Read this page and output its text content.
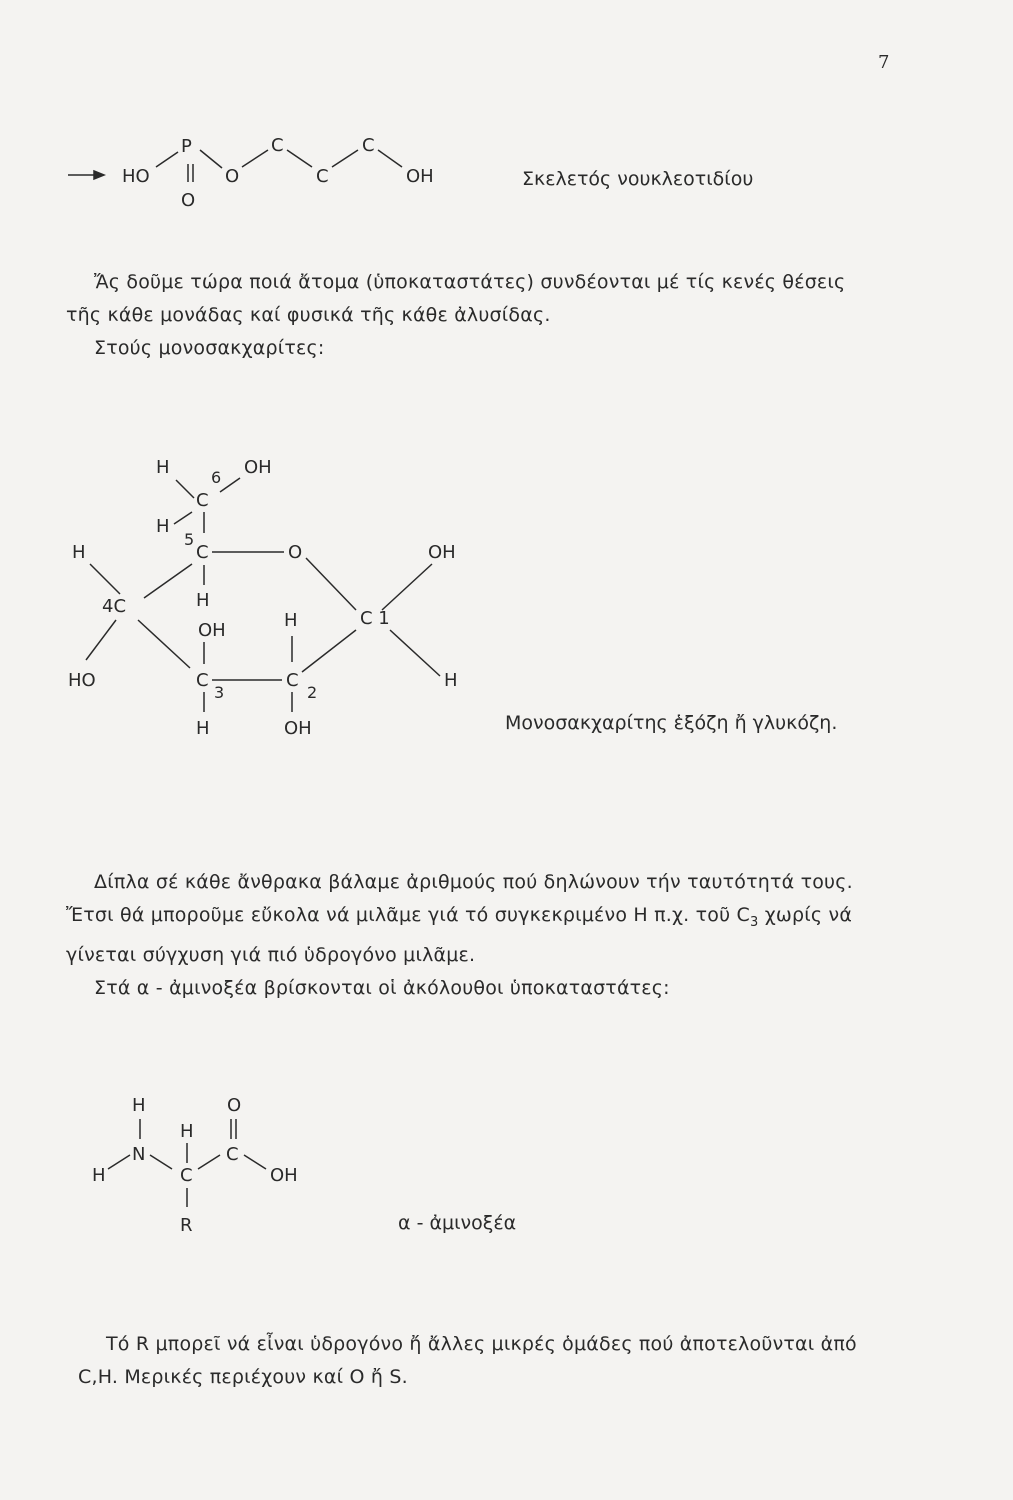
7
HO
P
O
O
C
C
C
OH	Σκελετός νουκλεοτιδίου

Ἄς δοῦμε τώρα ποιά ἄτομα (ὑποκαταστάτες) συνδέονται μέ τίς κενές θέσεις

τῆς κάθε μονάδας καί φυσικά τῆς κάθε ἀλυσίδας.

Στούς μονοσακχαρίτες:

H	6 OH
C
H
5
C	O
H
OH
C 1
H
H
4C
HO
OH
C
3
H
H
C
2
OH	Μονοσακχαρίτης ἑξόζη ἤ γλυκόζη.

Δίπλα σέ κάθε ἄνθρακα βάλαμε ἀριθμούς πού δηλώνουν τήν ταυτότητά τους.

Ἔτσι θά μποροῦμε εὔκολα νά μιλᾶμε γιά τό συγκεκριμένο H π.χ. τοῦ $C_3$ χωρίς νά

γίνεται σύγχυση γιά πιό ὑδρογόνο μιλᾶμε.

Στά α - ἀμινοξέα βρίσκονται οἱ ἀκόλουθοι ὑποκαταστάτες:

H
N
H
H
C
R
O
C
OH
α - ἀμινοξέα

Τό R μπορεῖ νά εἶναι ὑδρογόνο ἤ ἄλλες μικρές ὁμάδες πού ἀποτελοῦνται ἀπό

C,H. Μερικές περιέχουν καί O ἤ S.
